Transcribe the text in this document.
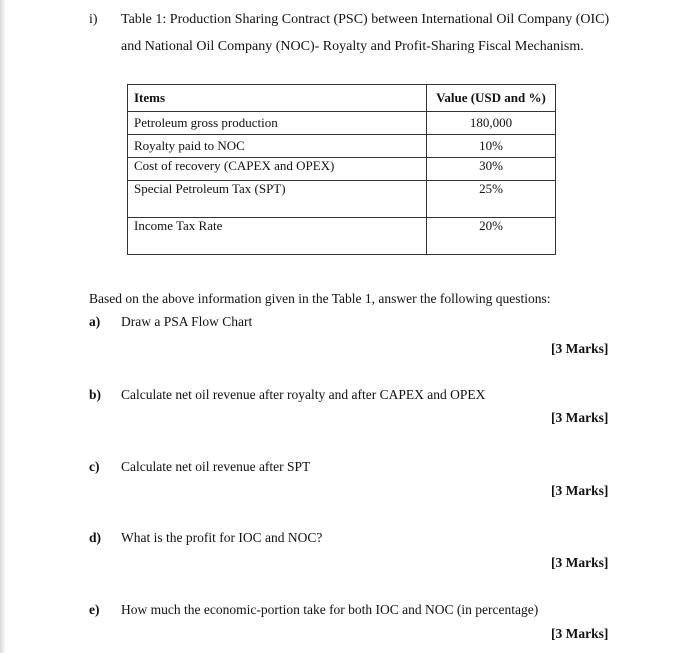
i) Table 1: Production Sharing Contract (PSC) between International Oil Company (OIC)
and National Oil Company (NOC)- Royalty and Profit-Sharing Fiscal Mechanism.
Items	Value (USD and %)
Petroleum gross production	180,000
Royalty paid to NOC	10%
Cost of recovery (CAPEX and OPEX)	30%
Special Petroleum Tax (SPT)	25%
Income Tax Rate	20%
Based on the above information given in the Table 1, answer the following questions:
a) Draw a PSA Flow Chart
[3 Marks]
b) Calculate net oil revenue after royalty and after CAPEX and OPEX
[3 Marks]
c) Calculate net oil revenue after SPT
[3 Marks]
d) What is the profit for IOC and NOC?
[3 Marks]
e) How much the economic-portion take for both IOC and NOC (in percentage)
[3 Marks]
